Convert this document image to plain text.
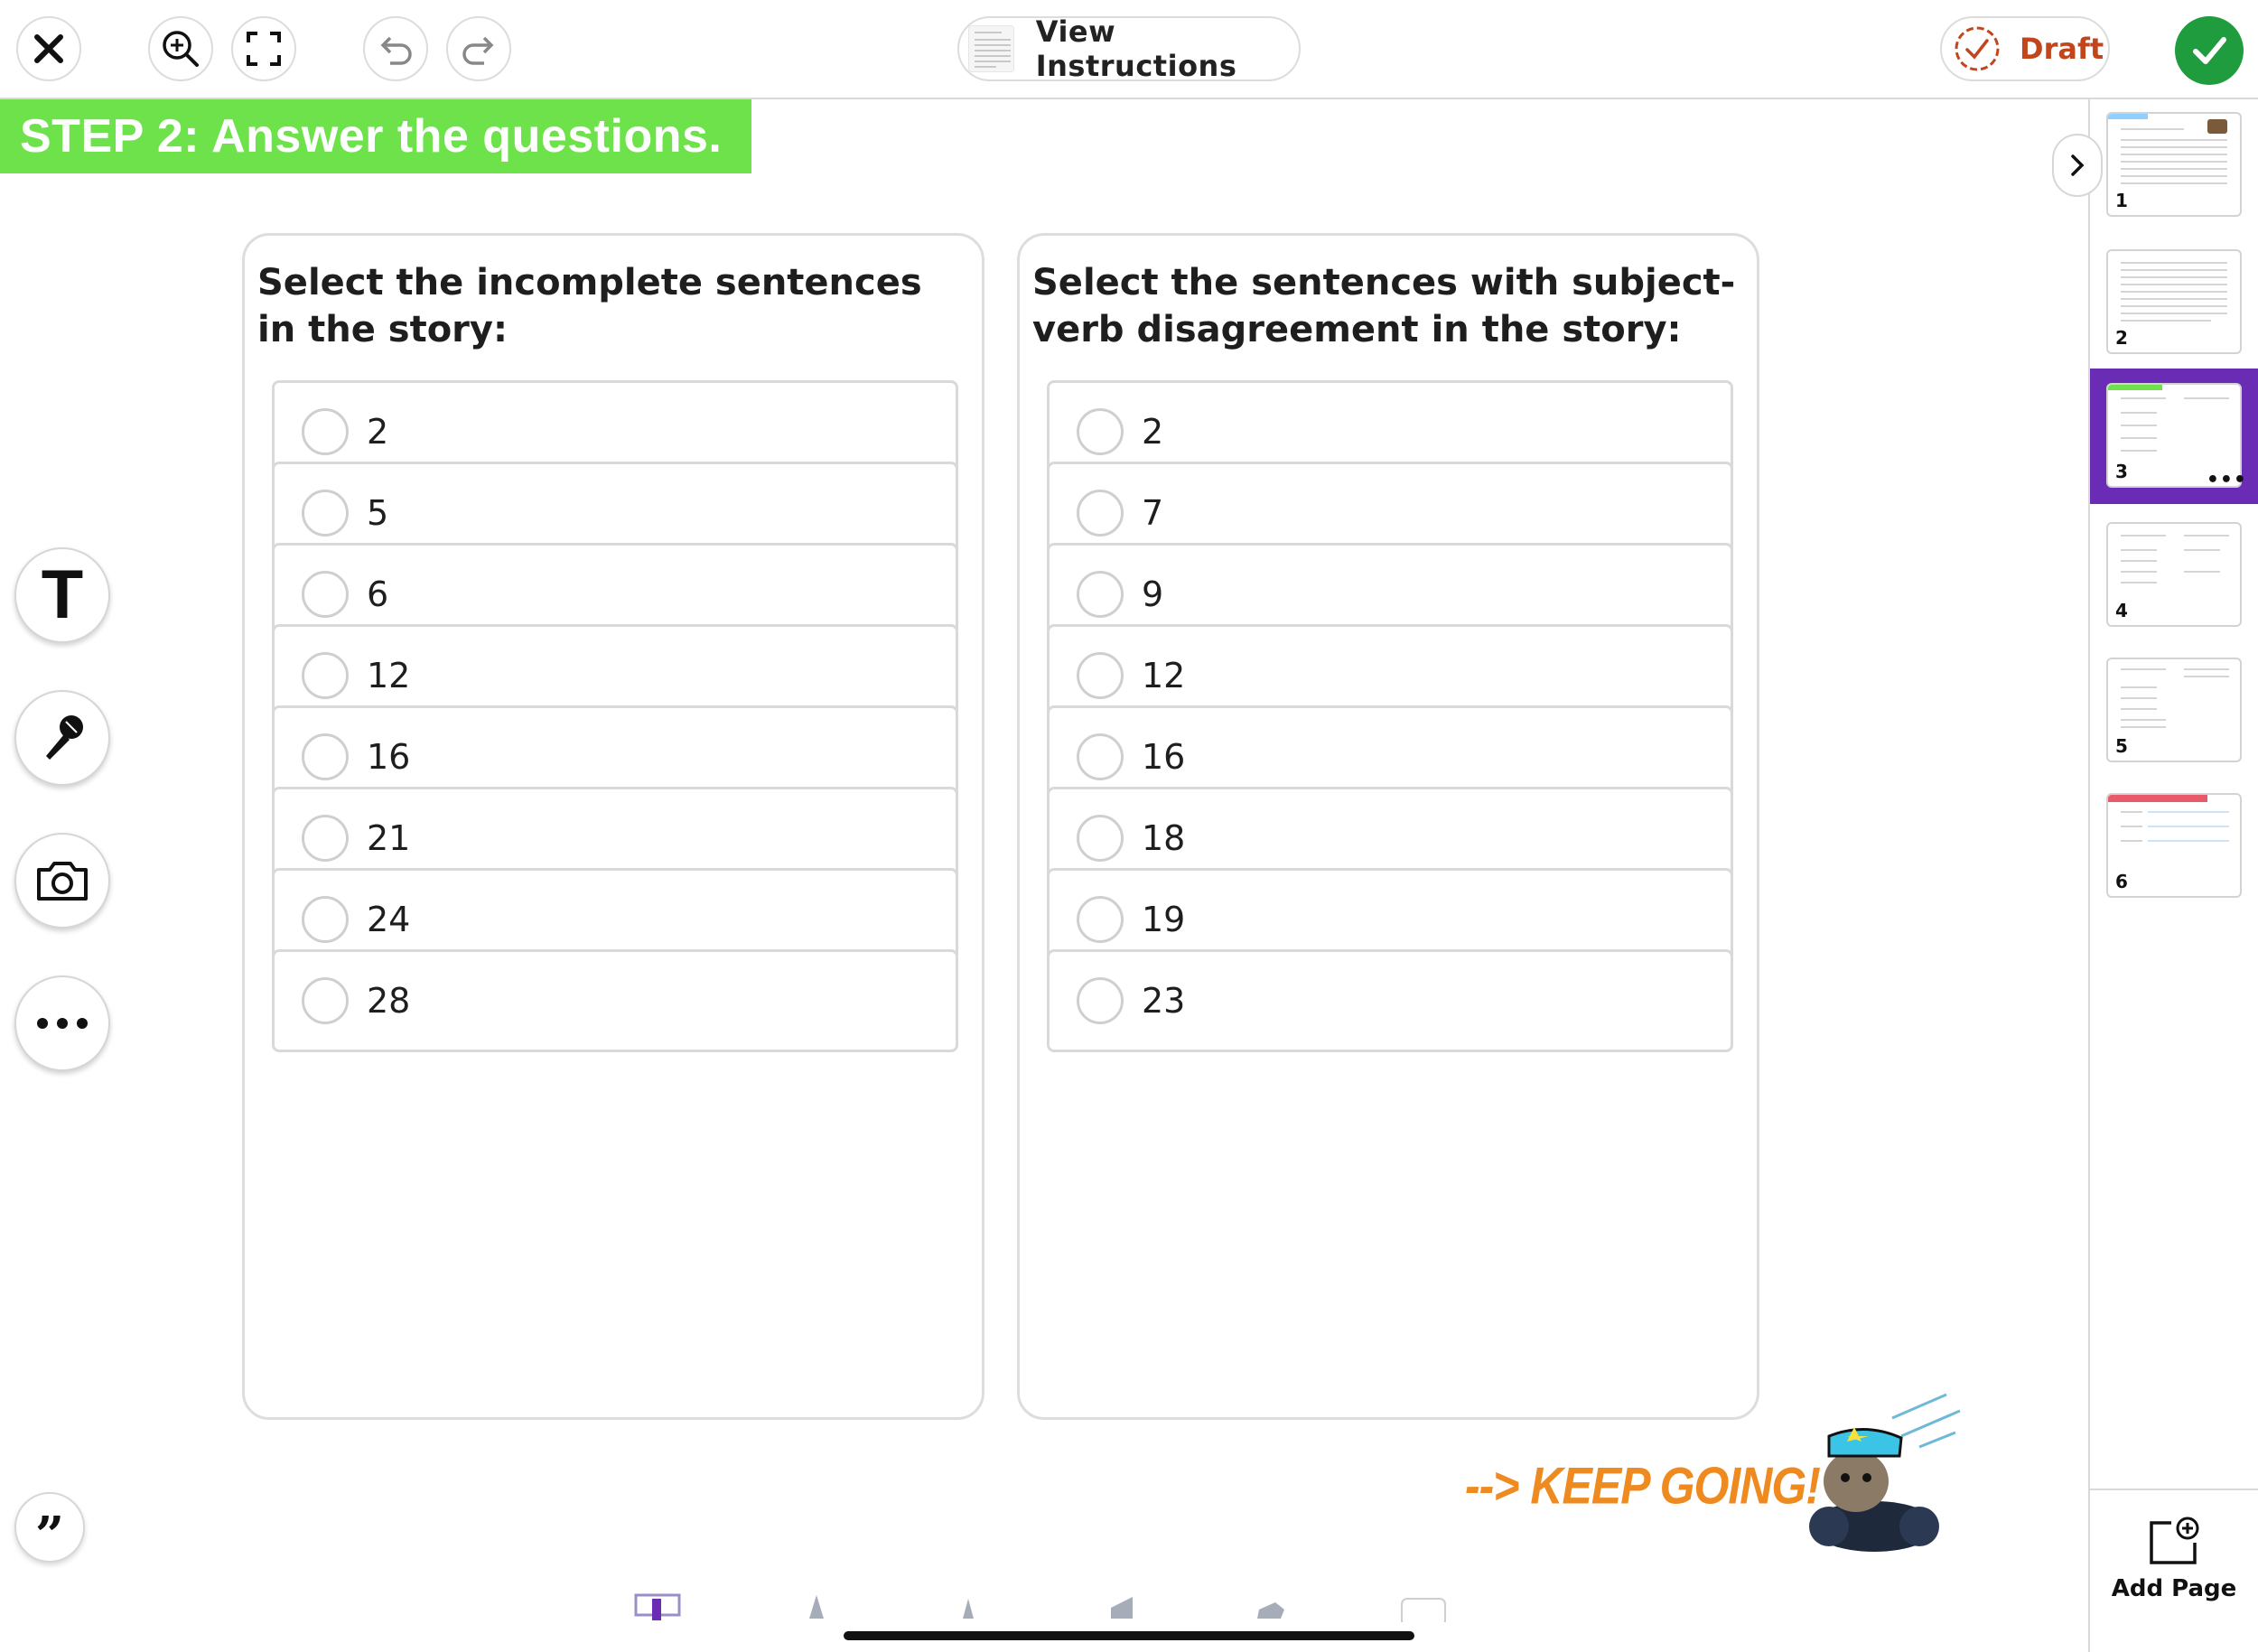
View Instructions	Draft
STEP 2: Answer the questions.
Select the incomplete sentences in the story:
2
5
6
12
16
21
24
28
Select the sentences with subject-verb disagreement in the story:
2
7
9
12
16
18
19
23
T
”
1
2
3	•••
4
5
6
Add Page
--> KEEP GOING!
